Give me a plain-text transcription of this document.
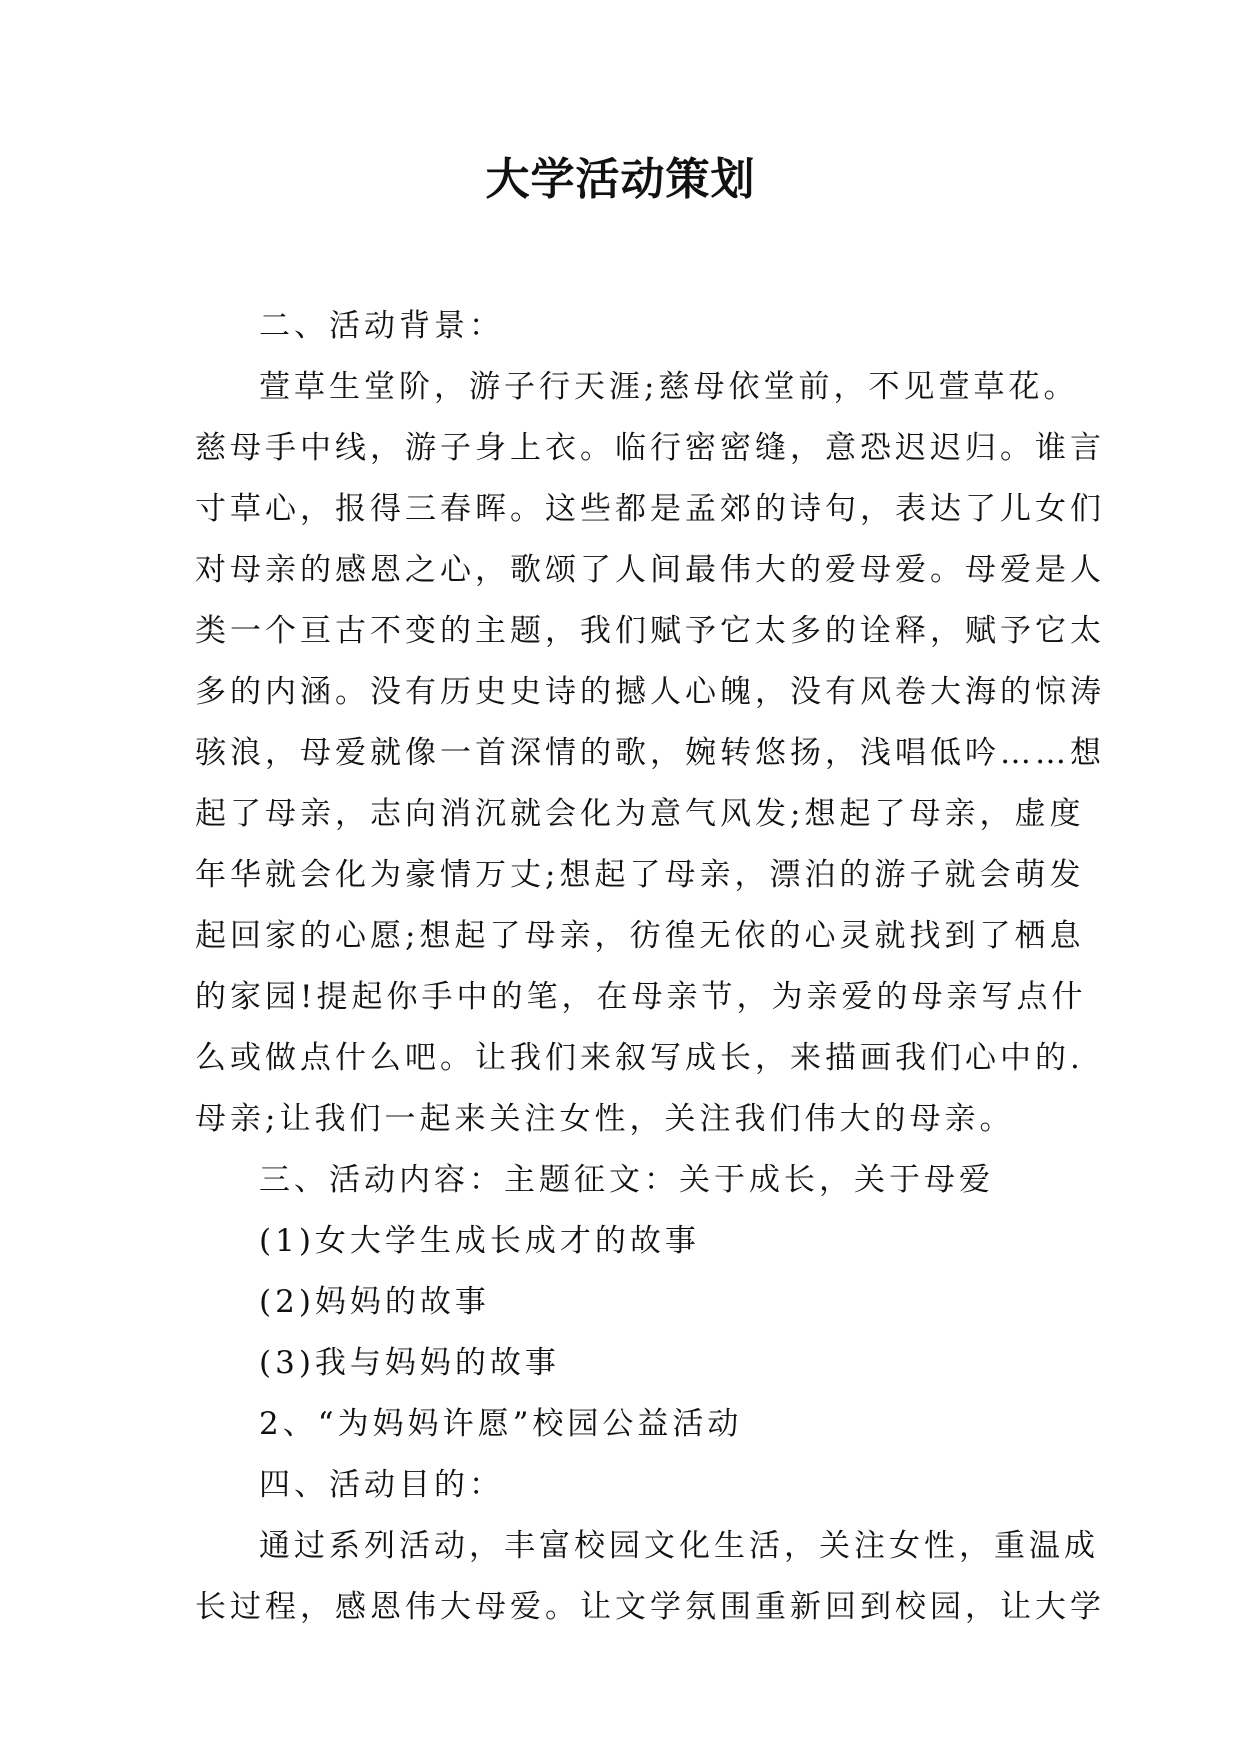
大学活动策划
二、活动背景：
萱草生堂阶，游子行天涯;慈母依堂前，不见萱草花。
慈母手中线，游子身上衣。临行密密缝，意恐迟迟归。谁言
寸草心，报得三春晖。这些都是孟郊的诗句，表达了儿女们
对母亲的感恩之心，歌颂了人间最伟大的爱母爱。母爱是人
类一个亘古不变的主题，我们赋予它太多的诠释，赋予它太
多的内涵。没有历史史诗的撼人心魄，没有风卷大海的惊涛
骇浪，母爱就像一首深情的歌，婉转悠扬，浅唱低吟……想
起了母亲，志向消沉就会化为意气风发;想起了母亲，虚度
年华就会化为豪情万丈;想起了母亲，漂泊的游子就会萌发
起回家的心愿;想起了母亲，彷徨无依的心灵就找到了栖息
的家园!提起你手中的笔，在母亲节，为亲爱的母亲写点什
么或做点什么吧。让我们来叙写成长，来描画我们心中的.
母亲;让我们一起来关注女性，关注我们伟大的母亲。
三、活动内容：主题征文：关于成长，关于母爱
(1)女大学生成长成才的故事
(2)妈妈的故事
(3)我与妈妈的故事
2、“为妈妈许愿”校园公益活动
四、活动目的：
通过系列活动，丰富校园文化生活，关注女性，重温成
长过程，感恩伟大母爱。让文学氛围重新回到校园，让大学
